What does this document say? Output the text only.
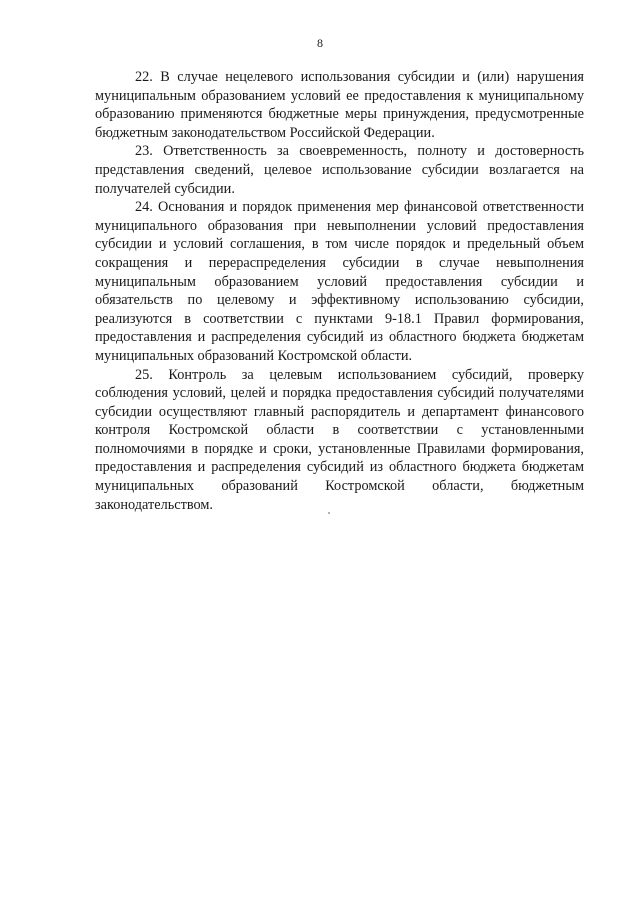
8

22. В случае нецелевого использования субсидии и (или) нарушения муниципальным образованием условий ее предоставления к муниципальному образованию применяются бюджетные меры принуждения, предусмотренные бюджетным законодательством Российской Федерации.

23. Ответственность за своевременность, полноту и достоверность представления сведений, целевое использование субсидии возлагается на получателей субсидии.

24. Основания и порядок применения мер финансовой ответственности муниципального образования при невыполнении условий предоставления субсидии и условий соглашения, в том числе порядок и предельный объем сокращения и перераспределения субсидии в случае невыполнения муниципальным образованием условий предоставления субсидии и обязательств по целевому и эффективному использованию субсидии, реализуются в соответствии с пунктами 9-18.1 Правил формирования, предоставления и распределения субсидий из областного бюджета бюджетам муниципальных образований Костромской области.

25. Контроль за целевым использованием субсидий, проверку соблюдения условий, целей и порядка предоставления субсидий получателями субсидии осуществляют главный распорядитель и департамент финансового контроля Костромской области в соответствии с установленными полномочиями в порядке и сроки, установленные Правилами формирования, предоставления и распределения субсидий из областного бюджета бюджетам муниципальных образований Костромской области, бюджетным законодательством.
